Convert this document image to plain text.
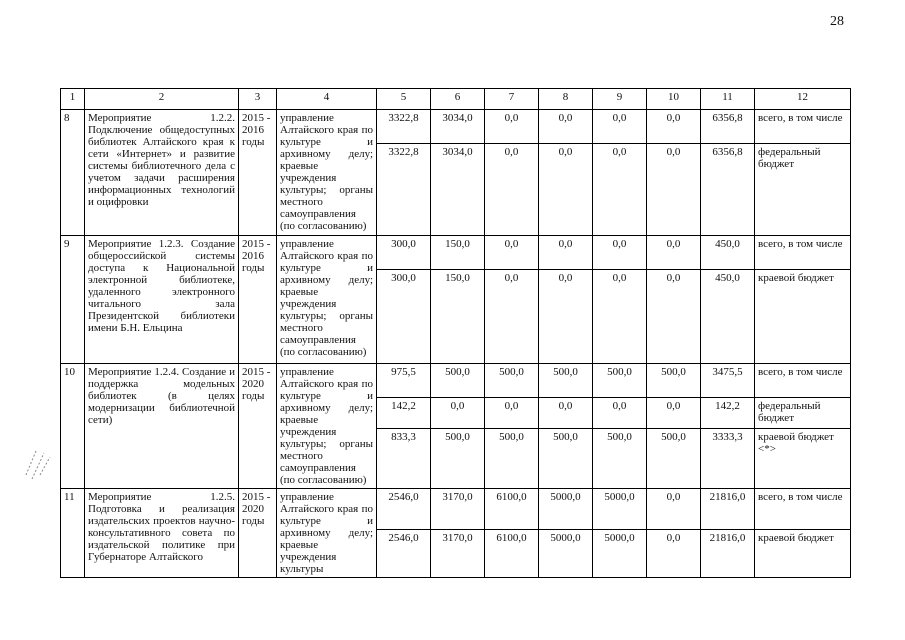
28
1	2	3	4	5	6	7	8	9	10	11	12
8	Мероприятие 1.2.2. Подключение общедоступных библиотек Алтайского края к сети «Интернет» и развитие системы библиотечного дела с учетом задачи расширения информационных технологий и оцифровки	2015 - 2016 годы	управление Алтайского края по культуре и архивному делу; краевые учреждения культуры; органы местного самоуправления (по согласованию)	3322,8	3034,0	0,0	0,0	0,0	0,0	6356,8	всего, в том числе
				3322,8	3034,0	0,0	0,0	0,0	0,0	6356,8	федеральный бюджет
9	Мероприятие 1.2.3. Создание общероссийской системы доступа к Национальной электронной библиотеке, удаленного электронного читального зала Президентской библиотеки имени Б.Н. Ельцина	2015 - 2016 годы	управление Алтайского края по культуре и архивному делу; краевые учреждения культуры; органы местного самоуправления (по согласованию)	300,0	150,0	0,0	0,0	0,0	0,0	450,0	всего, в том числе
				300,0	150,0	0,0	0,0	0,0	0,0	450,0	краевой бюджет
10	Мероприятие 1.2.4. Создание и поддержка модельных библиотек (в целях модернизации библиотечной сети)	2015 - 2020 годы	управление Алтайского края по культуре и архивному делу; краевые учреждения культуры; органы местного самоуправления (по согласованию)	975,5	500,0	500,0	500,0	500,0	500,0	3475,5	всего, в том числе
				142,2	0,0	0,0	0,0	0,0	0,0	142,2	федеральный бюджет
				833,3	500,0	500,0	500,0	500,0	500,0	3333,3	краевой бюджет <*>
11	Мероприятие 1.2.5. Подготовка и реализация издательских проектов научно-консультативного совета по издательской политике при Губернаторе Алтайского	2015 - 2020 годы	управление Алтайского края по культуре и архивному делу; краевые учреждения культуры	2546,0	3170,0	6100,0	5000,0	5000,0	0,0	21816,0	всего, в том числе
				2546,0	3170,0	6100,0	5000,0	5000,0	0,0	21816,0	краевой бюджет
